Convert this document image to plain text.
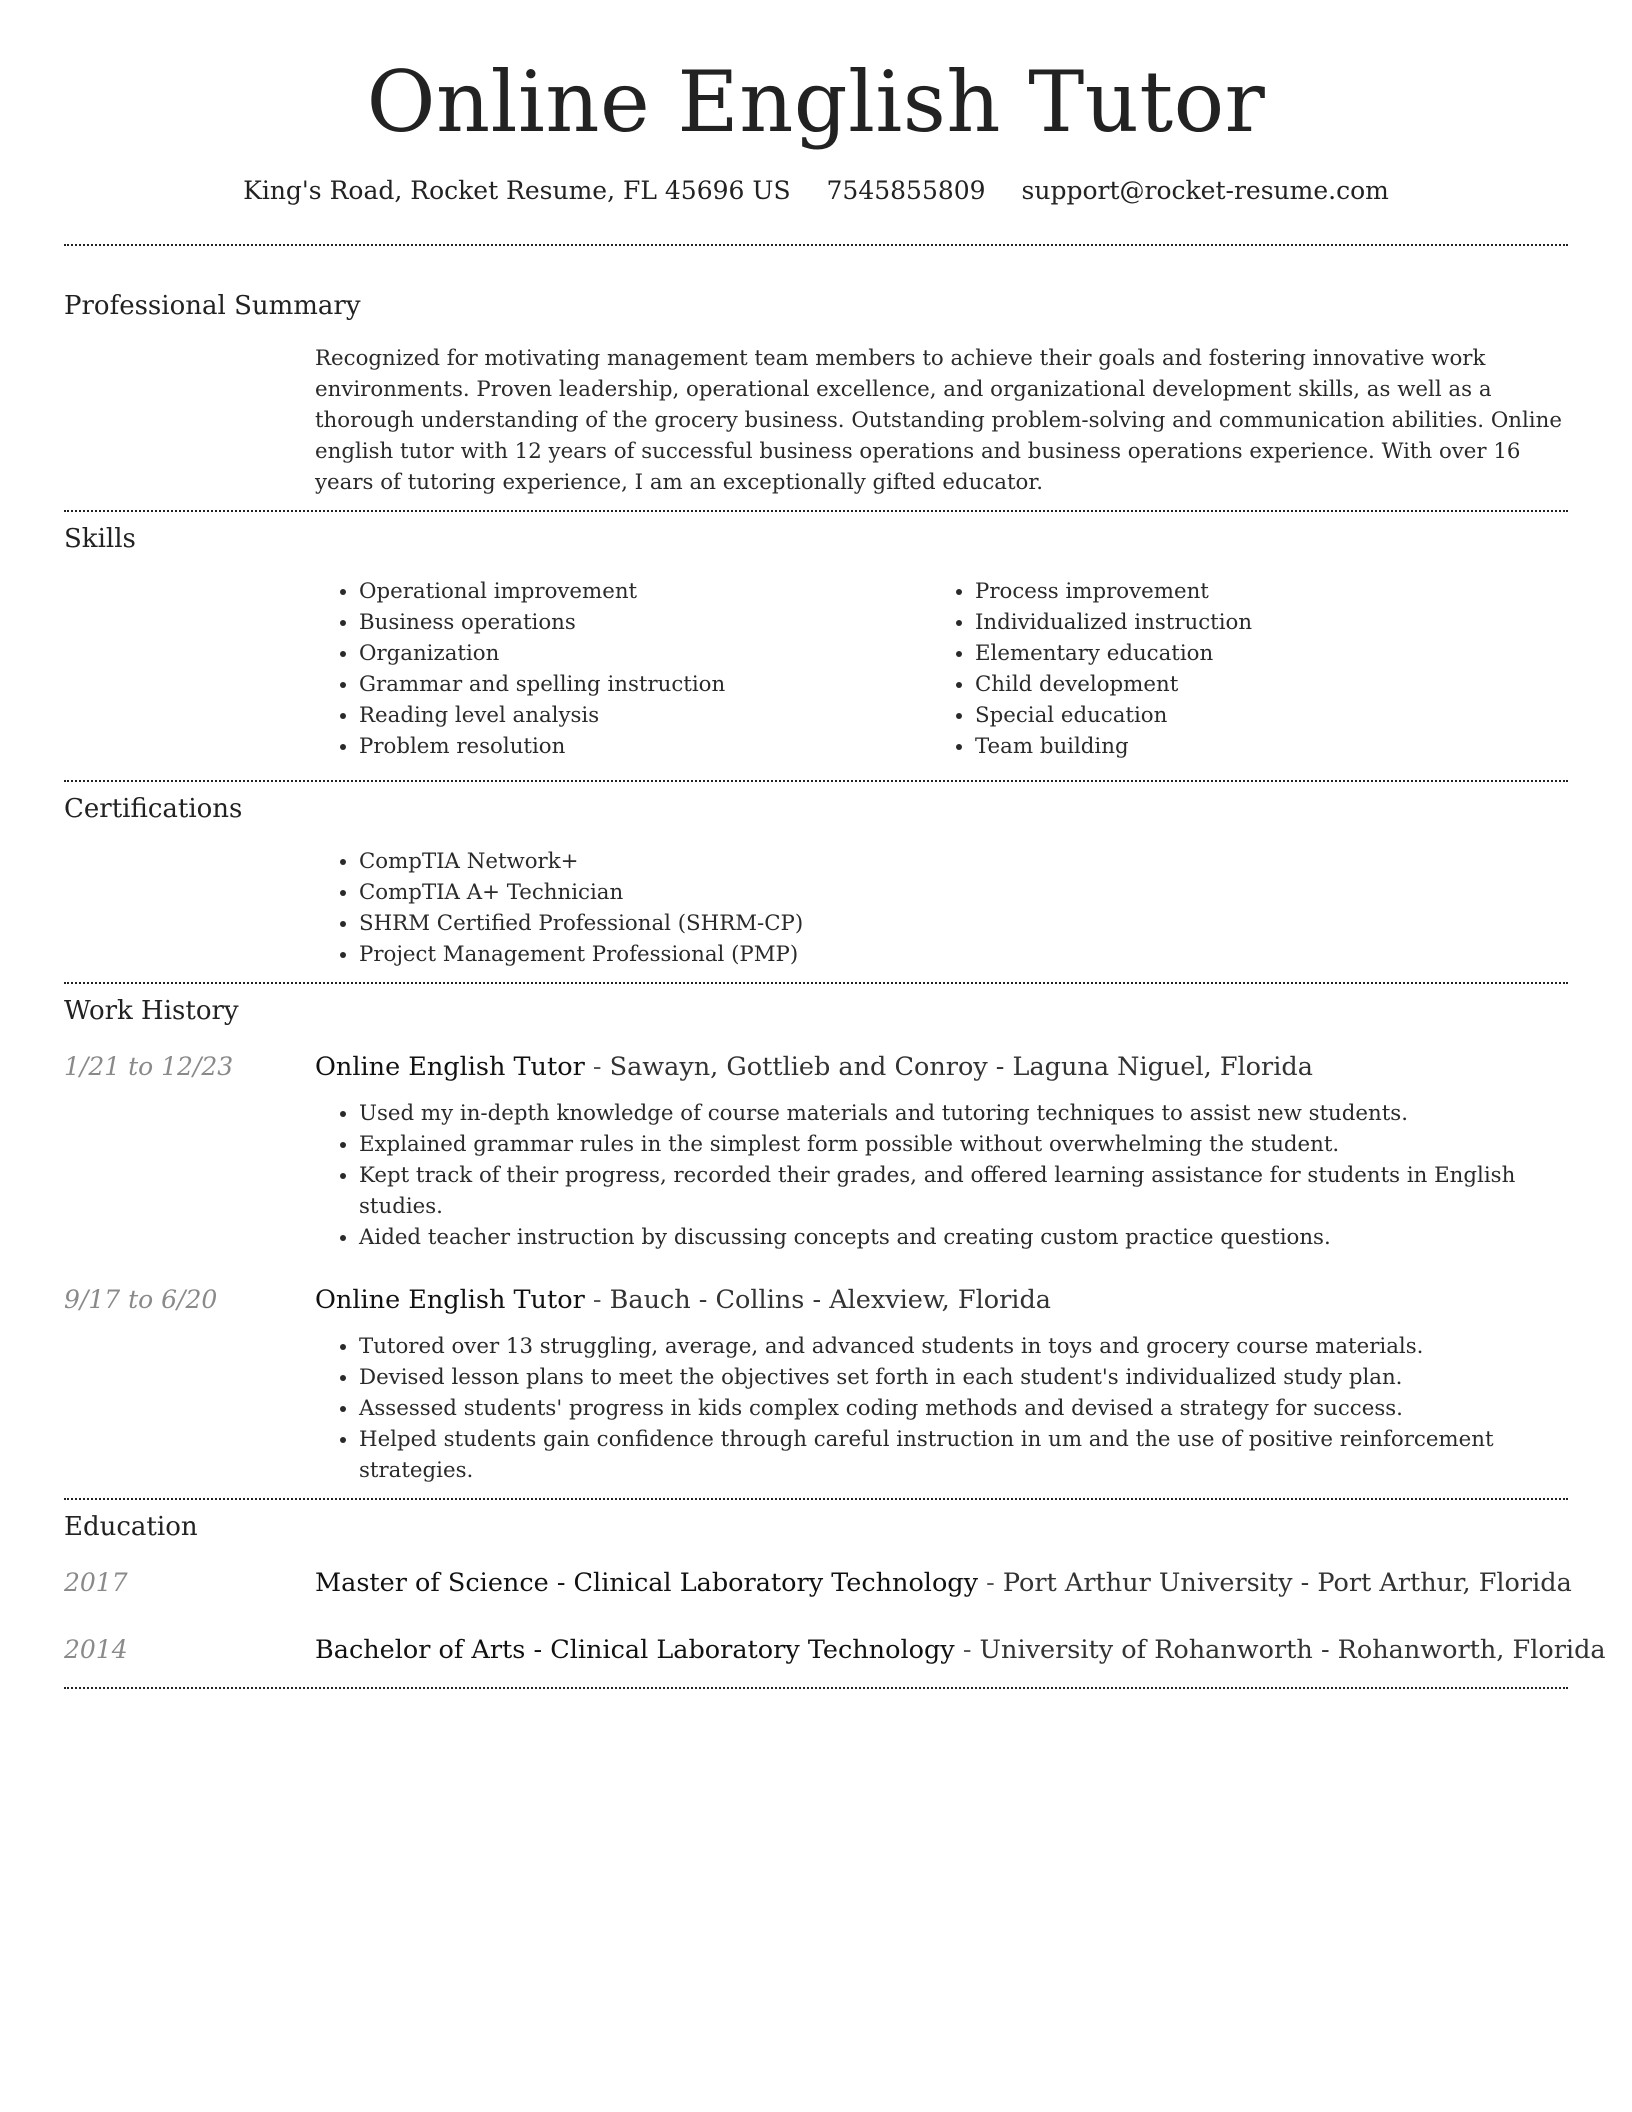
Online English Tutor
King's Road, Rocket Resume, FL 45696 US 7545855809 support@rocket-resume.com
Professional Summary
Recognized for motivating management team members to achieve their goals and fostering innovative work environments. Proven leadership, operational excellence, and organizational development skills, as well as a thorough understanding of the grocery business. Outstanding problem-solving and communication abilities. Online english tutor with 12 years of successful business operations and business operations experience. With over 16 years of tutoring experience, I am an exceptionally gifted educator.
Skills
• Operational improvement
• Business operations
• Organization
• Grammar and spelling instruction
• Reading level analysis
• Problem resolution
• Process improvement
• Individualized instruction
• Elementary education
• Child development
• Special education
• Team building
Certifications
• CompTIA Network+
• CompTIA A+ Technician
• SHRM Certified Professional (SHRM-CP)
• Project Management Professional (PMP)
Work History
1/21 to 12/23	Online English Tutor - Sawayn, Gottlieb and Conroy - Laguna Niguel, Florida
• Used my in-depth knowledge of course materials and tutoring techniques to assist new students.
• Explained grammar rules in the simplest form possible without overwhelming the student.
• Kept track of their progress, recorded their grades, and offered learning assistance for students in English studies.
• Aided teacher instruction by discussing concepts and creating custom practice questions.
9/17 to 6/20	Online English Tutor - Bauch - Collins - Alexview, Florida
• Tutored over 13 struggling, average, and advanced students in toys and grocery course materials.
• Devised lesson plans to meet the objectives set forth in each student's individualized study plan.
• Assessed students' progress in kids complex coding methods and devised a strategy for success.
• Helped students gain confidence through careful instruction in um and the use of positive reinforcement strategies.
Education
2017	Master of Science - Clinical Laboratory Technology - Port Arthur University - Port Arthur, Florida
2014	Bachelor of Arts - Clinical Laboratory Technology - University of Rohanworth - Rohanworth, Florida
